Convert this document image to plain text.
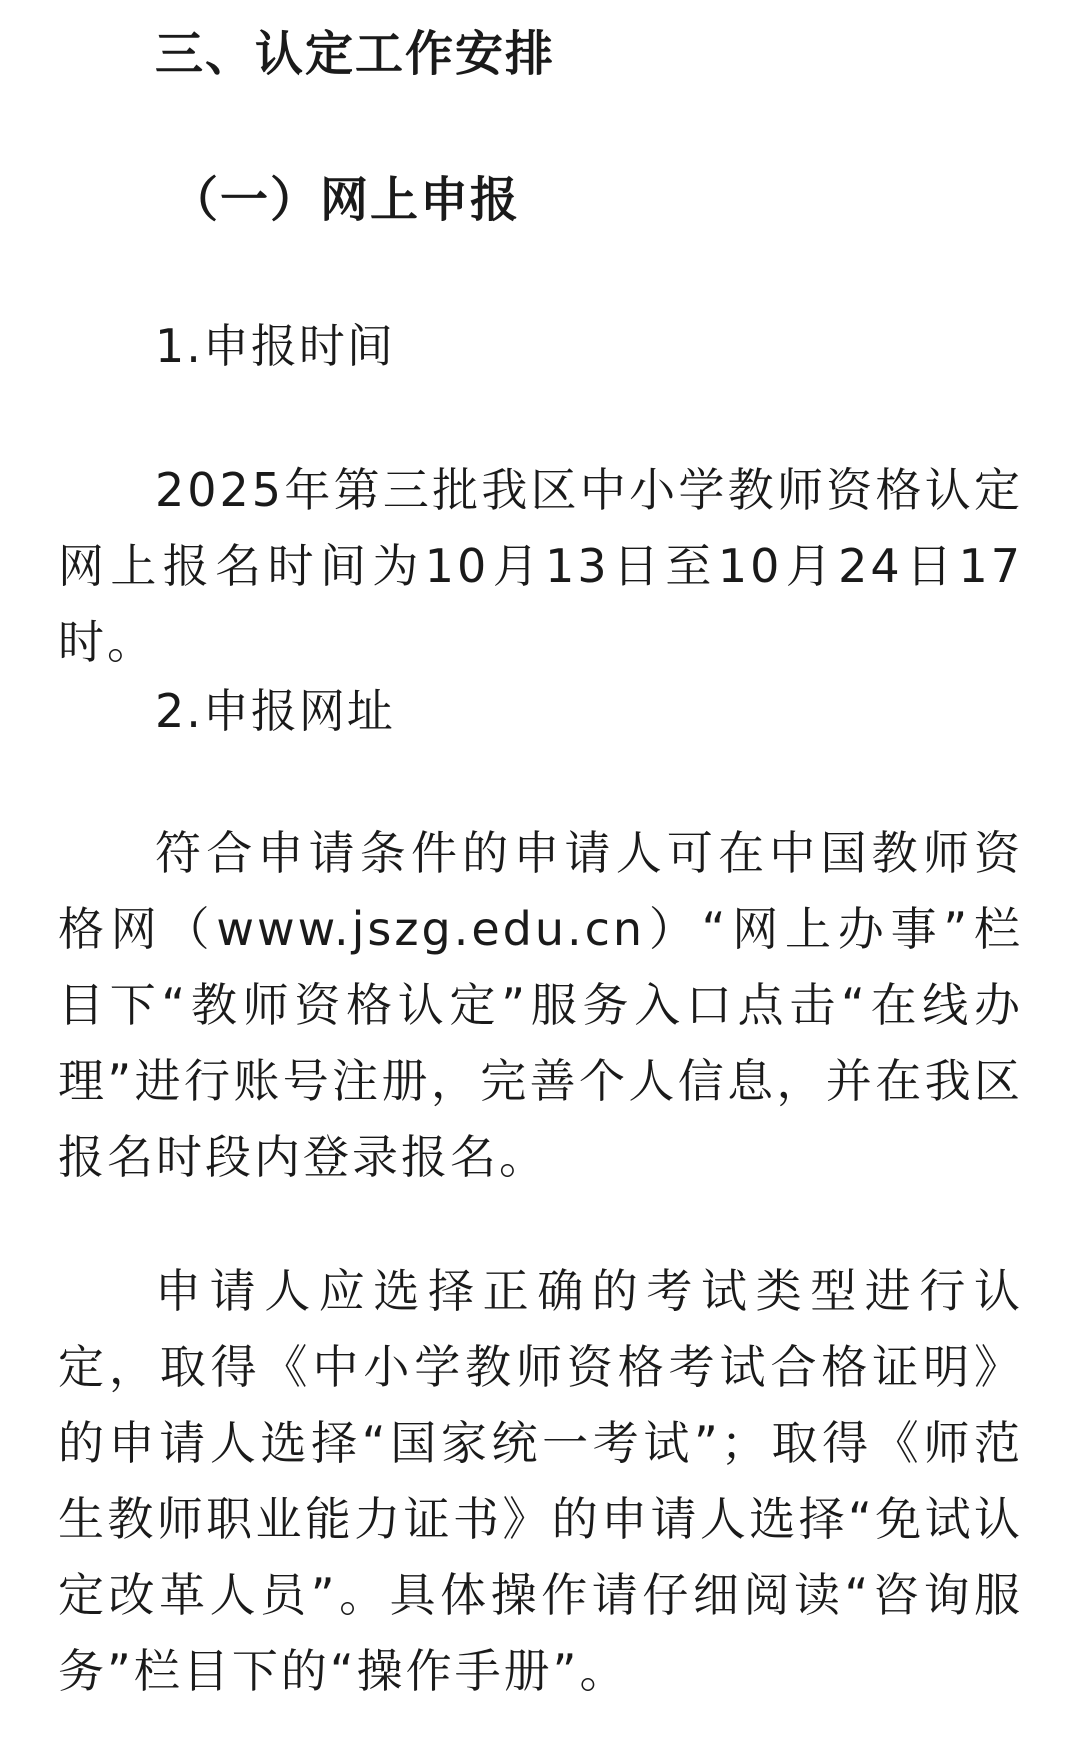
三、认定工作安排
（一）网上申报

1.申报时间

2025年第三批我区中小学教师资格认定网上报名时间为10月13日至10月24日17时。

2.申报网址

符合申请条件的申请人可在中国教师资格网（www.jszg.edu.cn）“网上办事”栏目下“教师资格认定”服务入口点击“在线办理”进行账号注册，完善个人信息，并在我区报名时段内登录报名。

申请人应选择正确的考试类型进行认定，取得《中小学教师资格考试合格证明》的申请人选择“国家统一考试”；取得《师范生教师职业能力证书》的申请人选择“免试认定改革人员”。具体操作请仔细阅读“咨询服务”栏目下的“操作手册”。
